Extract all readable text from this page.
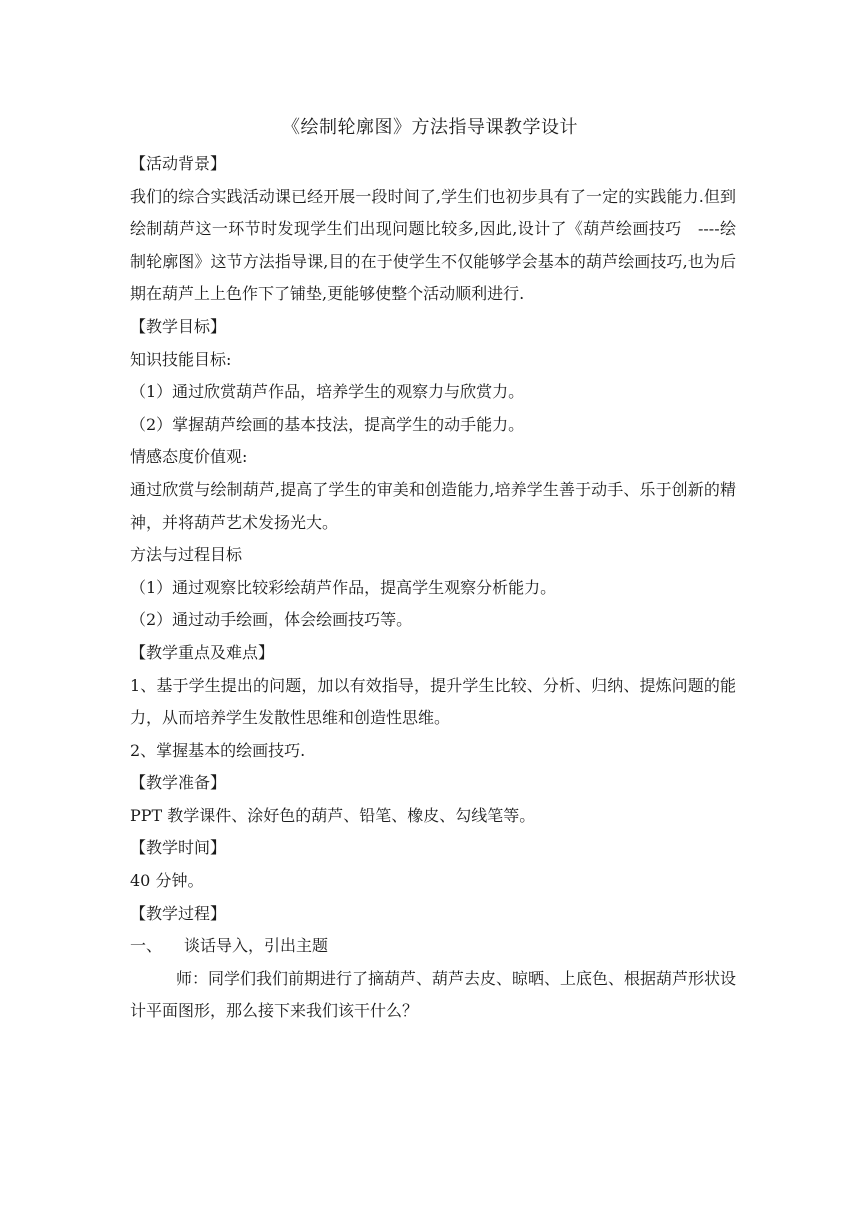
《绘制轮廓图》方法指导课教学设计

【活动背景】

我们的综合实践活动课已经开展一段时间了,学生们也初步具有了一定的实践能力.但到绘制葫芦这一环节时发现学生们出现问题比较多,因此,设计了《葫芦绘画技巧　----绘制轮廓图》这节方法指导课,目的在于使学生不仅能够学会基本的葫芦绘画技巧,也为后期在葫芦上上色作下了铺垫,更能够使整个活动顺利进行.

【教学目标】

知识技能目标:

（1）通过欣赏葫芦作品，培养学生的观察力与欣赏力。

（2）掌握葫芦绘画的基本技法，提高学生的动手能力。

情感态度价值观:

通过欣赏与绘制葫芦,提高了学生的审美和创造能力,培养学生善于动手、乐于创新的精神，并将葫芦艺术发扬光大。

方法与过程目标

（1）通过观察比较彩绘葫芦作品，提高学生观察分析能力。

（2）通过动手绘画，体会绘画技巧等。

【教学重点及难点】

1、基于学生提出的问题，加以有效指导，提升学生比较、分析、归纳、提炼问题的能力，从而培养学生发散性思维和创造性思维。

2、掌握基本的绘画技巧.

【教学准备】

PPT 教学课件、涂好色的葫芦、铅笔、橡皮、勾线笔等。

【教学时间】

40 分钟。

【教学过程】

一、 谈话导入，引出主题

师：同学们我们前期进行了摘葫芦、葫芦去皮、晾晒、上底色、根据葫芦形状设计平面图形，那么接下来我们该干什么？
